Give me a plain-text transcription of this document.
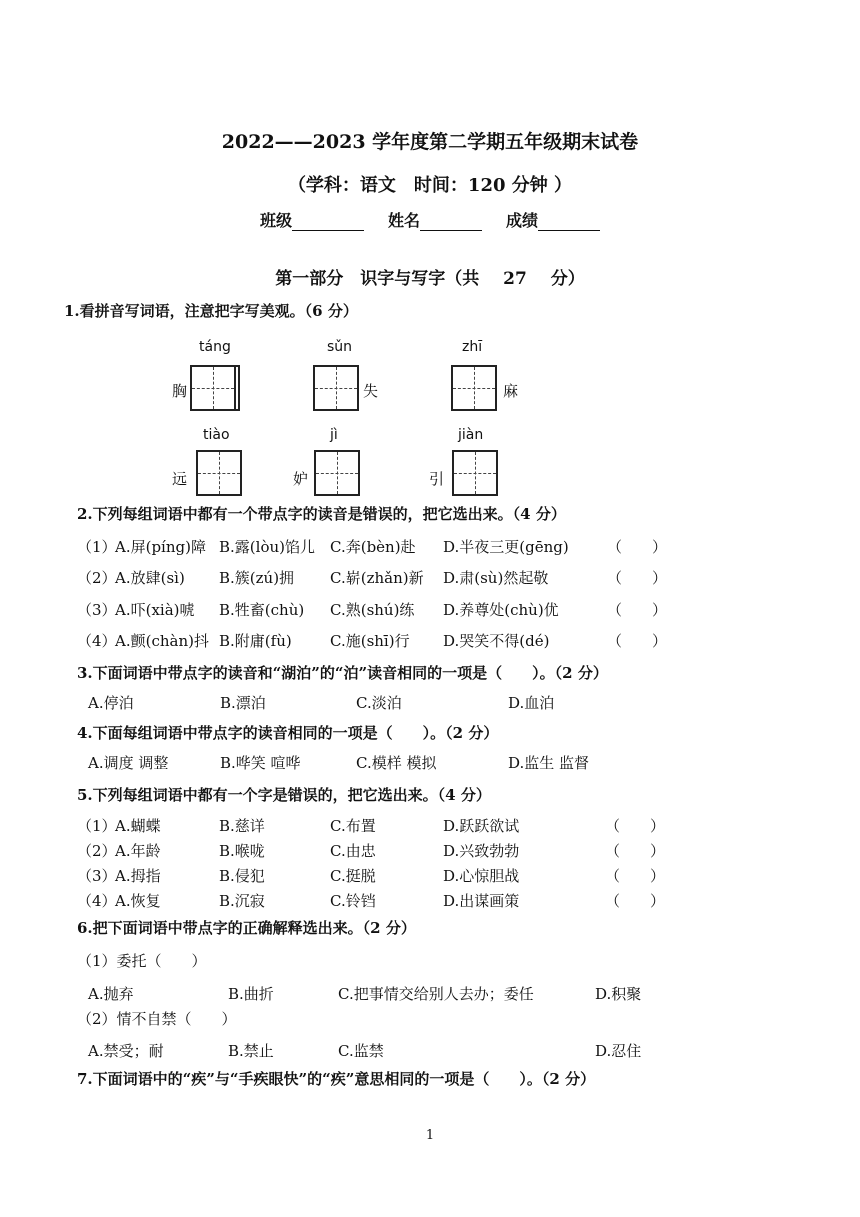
2022——2023 学年度第二学期五年级期末试卷
（学科：语文　时间：120 分钟 ）
班级	姓名	成绩
第一部分　识字与写字（共 27 分）
1.看拼音写词语，注意把字写美观。（6 分）
táng
胸
sǔn
失
zhī
麻
tiào
远
jì
妒
jiàn
引
2.下列每组词语中都有一个带点字的读音是错误的，把它选出来。（4 分）
（1）
A.屏(píng)障 B.露(lòu)馅儿 C.奔(bèn)赴 D.半夜三更(gēng)	（　　）
（2）
A.放肆(sì) B.簇(zú)拥 C.崭(zhǎn)新 D.肃(sù)然起敬	（　　）
（3）
A.吓(xià)唬 B.牲畜(chù) C.熟(shú)练 D.养尊处(chù)优	（　　）
（4）
A.颤(chàn)抖 B.附庸(fù)	C.施(shī)行 D.哭笑不得(dé)	（　　）
3.下面词语中带点字的读音和“湖泊”的“泊”读音相同的一项是（　　）。（2 分）
A.停泊	B.漂泊	C.淡泊	D.血泊
4.下面每组词语中带点字的读音相同的一项是（　　）。（2 分）
A.调度 调整	B.哗笑 喧哗	C.模样 模拟	D.监生 监督
5.下列每组词语中都有一个字是错误的，把它选出来。（4 分）
（1）
A.蝴蝶	B.慈详	C.布置	D.跃跃欲试	（　　）
（2）
A.年龄	B.喉咙	C.由忠	D.兴致勃勃	（　　）
（3）
A.拇指	B.侵犯	C.挺脱	D.心惊胆战	（　　）
（4）
A.恢复	B.沉寂	C.铃铛	D.出谋画策	（　　）
6.把下面词语中带点字的正确解释选出来。（2 分）
（1）委托（　　）
A.抛弃	B.曲折	C.把事情交给别人去办；委任	D.积聚
（2）情不自禁（　　）
A.禁受；耐	B.禁止	C.监禁	D.忍住
7.下面词语中的“疾”与“手疾眼快”的“疾”意思相同的一项是（　　）。（2 分）
1
